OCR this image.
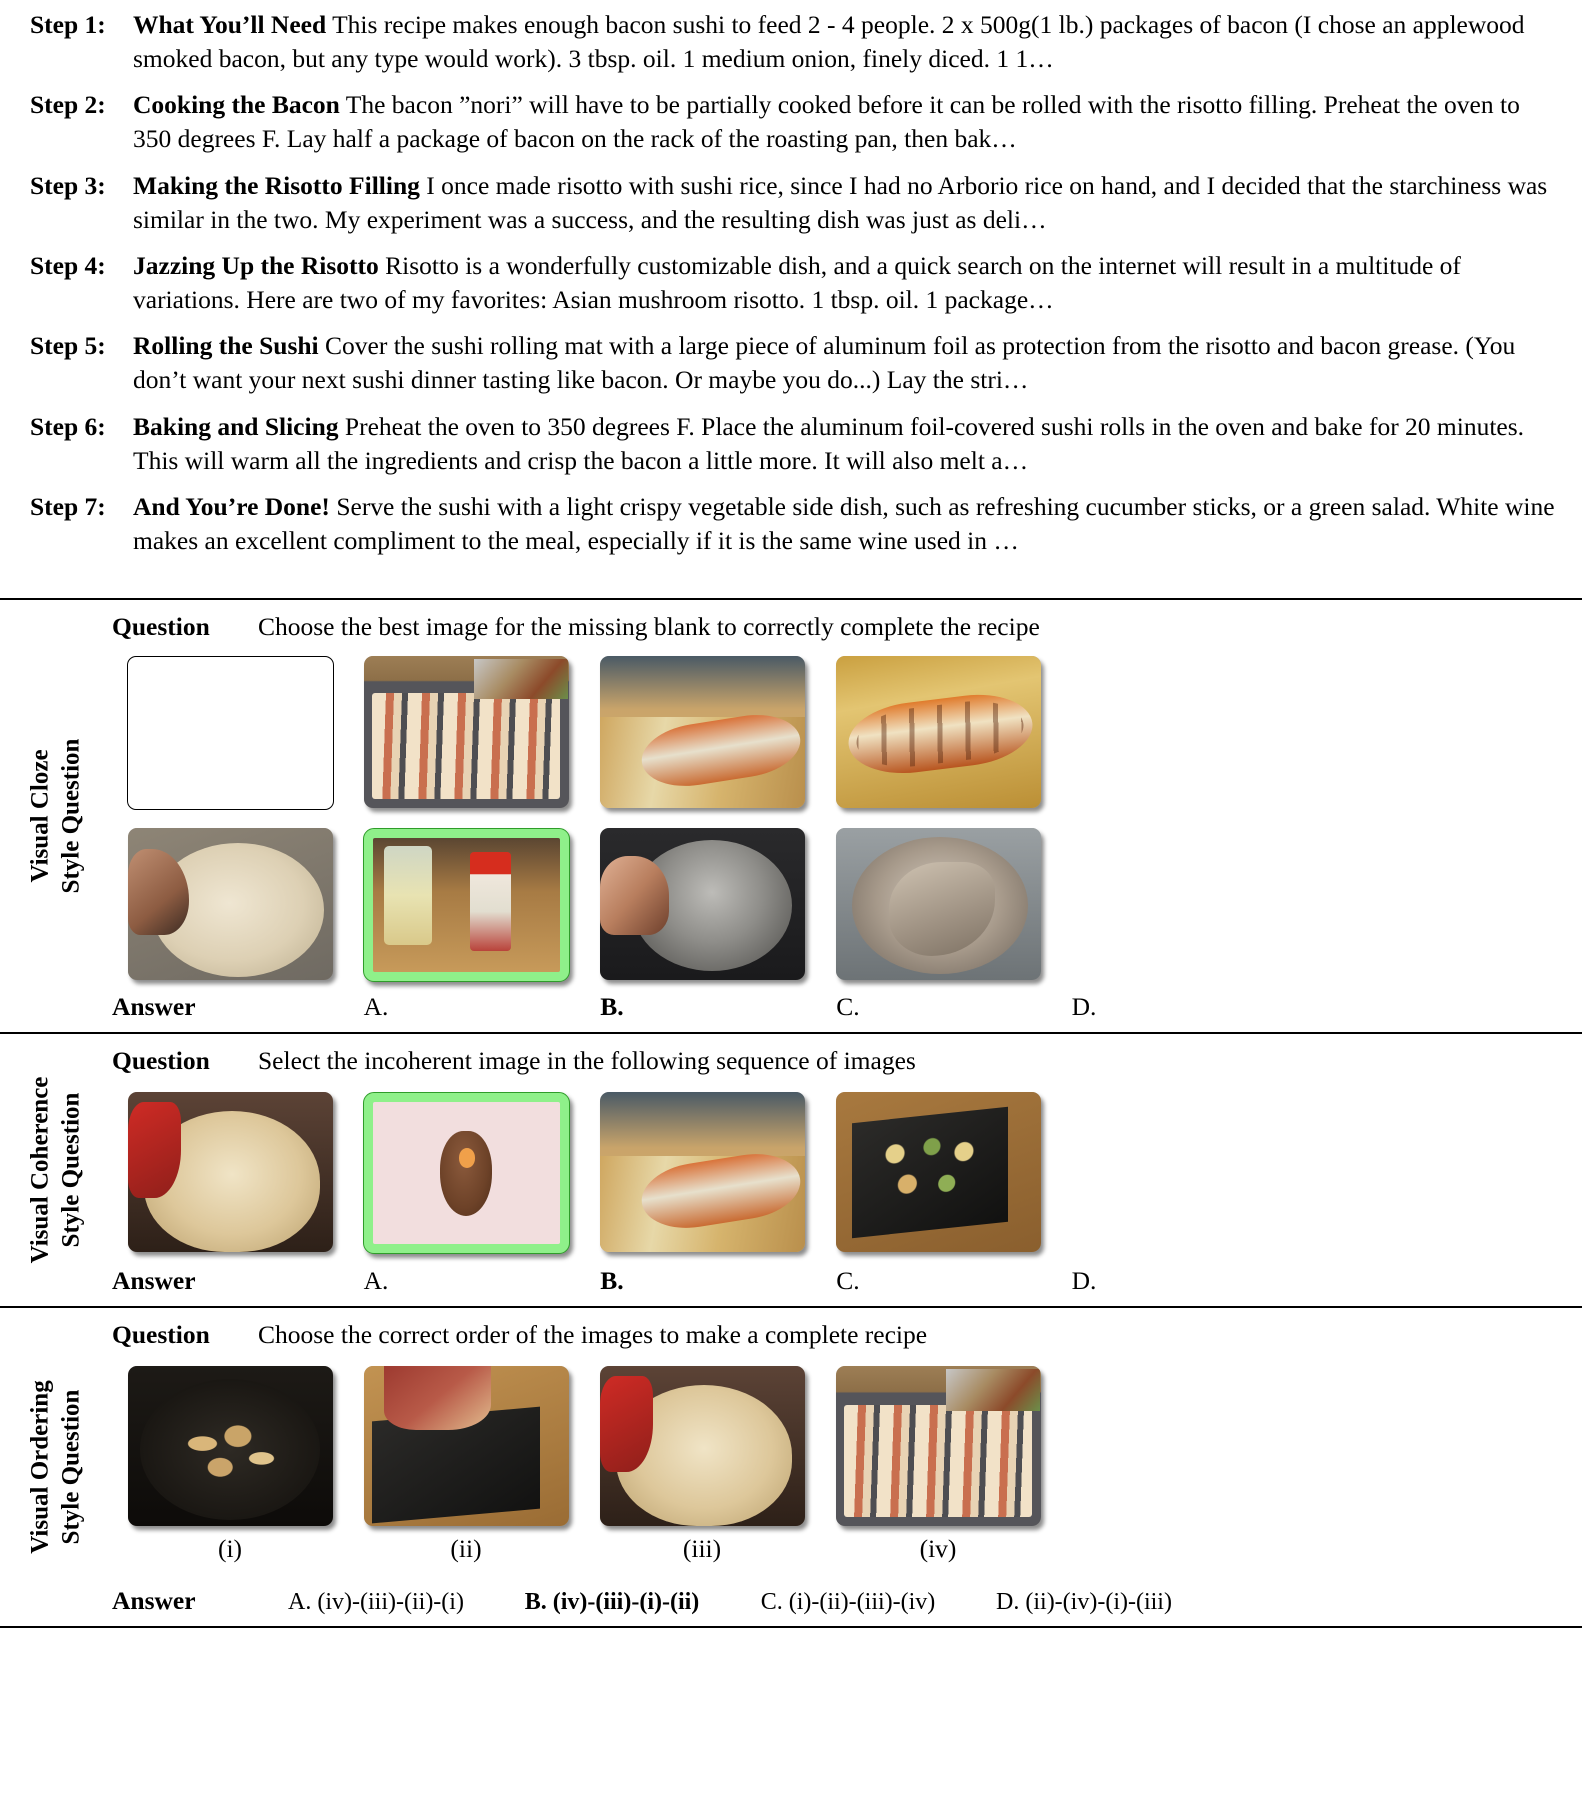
Step 1:	What You’ll Need This recipe makes enough bacon sushi to feed 2 - 4 people. 2 x 500g(1 lb.) packages of bacon (I chose an applewood smoked bacon, but any type would work). 3 tbsp. oil. 1 medium onion, finely diced. 1 1…
Step 2:	Cooking the Bacon The bacon ”nori” will have to be partially cooked before it can be rolled with the risotto filling. Preheat the oven to 350 degrees F. Lay half a package of bacon on the rack of the roasting pan, then bak…
Step 3:	Making the Risotto Filling I once made risotto with sushi rice, since I had no Arborio rice on hand, and I decided that the starchiness was similar in the two. My experiment was a success, and the resulting dish was just as deli…
Step 4:	Jazzing Up the Risotto Risotto is a wonderfully customizable dish, and a quick search on the internet will result in a multitude of variations. Here are two of my favorites: Asian mushroom risotto. 1 tbsp. oil. 1 package…
Step 5:	Rolling the Sushi Cover the sushi rolling mat with a large piece of aluminum foil as protection from the risotto and bacon grease. (You don’t want your next sushi dinner tasting like bacon. Or maybe you do...) Lay the stri…
Step 6:	Baking and Slicing Preheat the oven to 350 degrees F. Place the aluminum foil-covered sushi rolls in the oven and bake for 20 minutes. This will warm all the ingredients and crisp the bacon a little more. It will also melt a…
Step 7:	And You’re Done! Serve the sushi with a light crispy vegetable side dish, such as refreshing cucumber sticks, or a green salad. White wine makes an excellent compliment to the meal, especially if it is the same wine used in …
Visual Cloze Style Question
Question	Choose the best image for the missing blank to correctly complete the recipe
Answer	A.	B.	C.	D.
Visual Coherence Style Question
Question	Select the incoherent image in the following sequence of images
Answer	A.	B.	C.	D.
Visual Ordering Style Question
Question	Choose the correct order of the images to make a complete recipe
(i)	(ii)	(iii)	(iv)
Answer	A. (iv)-(iii)-(ii)-(i)	B. (iv)-(iii)-(i)-(ii)	C. (i)-(ii)-(iii)-(iv)	D. (ii)-(iv)-(i)-(iii)
